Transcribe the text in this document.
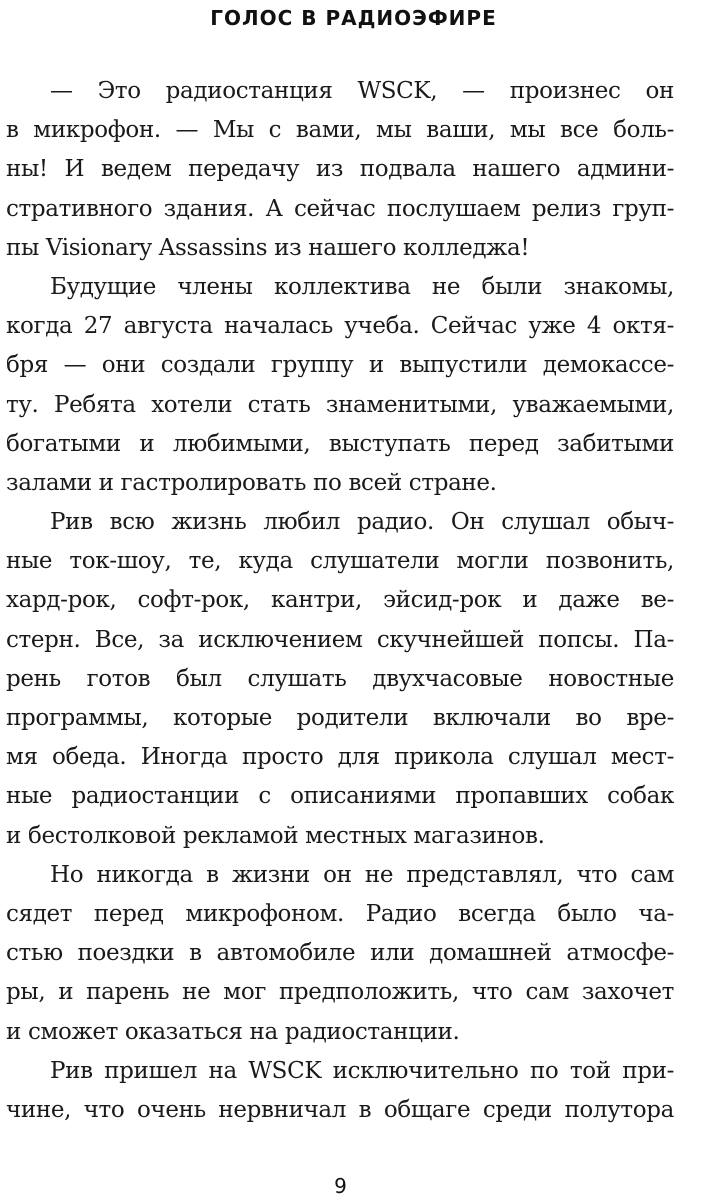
ГОЛОС В РАДИОЭФИРЕ
— Это радиостанция WSCK, — произнес он
в микрофон. — Мы с вами, мы ваши, мы все боль-
ны! И ведем передачу из подвала нашего админи-
стративного здания. А сейчас послушаем релиз груп-
пы Visionary Assassins из нашего колледжа!
Будущие члены коллектива не были знакомы,
когда 27 августа началась учеба. Сейчас уже 4 октя-
бря — они создали группу и выпустили демокассе-
ту. Ребята хотели стать знаменитыми, уважаемыми,
богатыми и любимыми, выступать перед забитыми
залами и гастролировать по всей стране.
Рив всю жизнь любил радио. Он слушал обыч-
ные ток-шоу, те, куда слушатели могли позвонить,
хард-рок, софт-рок, кантри, эйсид-рок и даже ве-
стерн. Все, за исключением скучнейшей попсы. Па-
рень готов был слушать двухчасовые новостные
программы, которые родители включали во вре-
мя обеда. Иногда просто для прикола слушал мест-
ные радиостанции с описаниями пропавших собак
и бестолковой рекламой местных магазинов.
Но никогда в жизни он не представлял, что сам
сядет перед микрофоном. Радио всегда было ча-
стью поездки в автомобиле или домашней атмосфе-
ры, и парень не мог предположить, что сам захочет
и сможет оказаться на радиостанции.
Рив пришел на WSCK исключительно по той при-
чине, что очень нервничал в общаге среди полутора
9
